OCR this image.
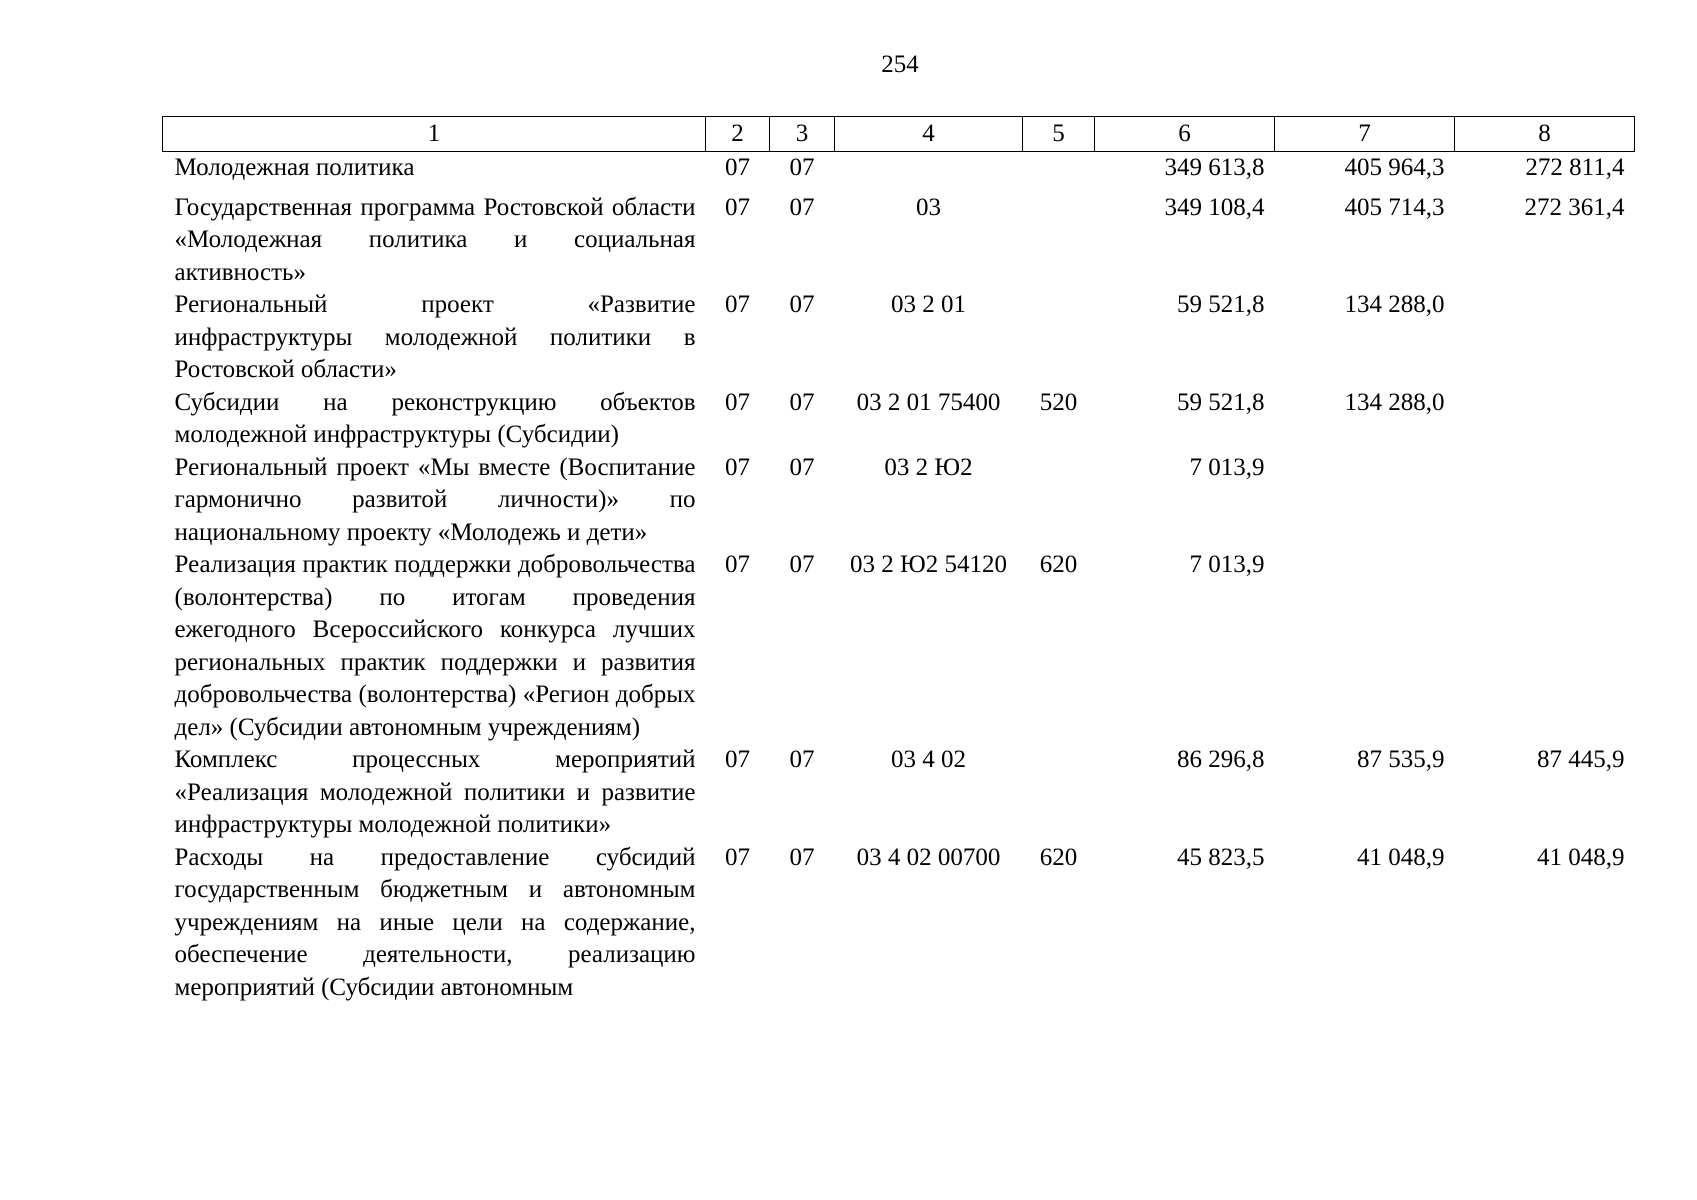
254
1	2	3	4	5	6	7	8
Молодежная политика	07	07			349 613,8	405 964,3	272 811,4
Государственная программа Ростовской области «Молодежная политика и социальная активность»	07	07	03		349 108,4	405 714,3	272 361,4
Региональный проект «Развитие инфраструктуры молодежной политики в Ростовской области»	07	07	03 2 01		59 521,8	134 288,0	
Субсидии на реконструкцию объектов молодежной инфраструктуры (Субсидии)	07	07	03 2 01 75400	520	59 521,8	134 288,0	
Региональный проект «Мы вместе (Воспитание гармонично развитой личности)» по национальному проекту «Молодежь и дети»	07	07	03 2 Ю2		7 013,9		
Реализация практик поддержки добровольчества (волонтерства) по итогам проведения ежегодного Всероссийского конкурса лучших региональных практик поддержки и развития добровольчества (волонтерства) «Регион добрых дел» (Субсидии автономным учреждениям)	07	07	03 2 Ю2 54120	620	7 013,9		
Комплекс процессных мероприятий «Реализация молодежной политики и развитие инфраструктуры молодежной политики»	07	07	03 4 02		86 296,8	87 535,9	87 445,9
Расходы на предоставление субсидий государственным бюджетным и автономным учреждениям на иные цели на содержание, обеспечение деятельности, реализацию мероприятий (Субсидии автономным	07	07	03 4 02 00700	620	45 823,5	41 048,9	41 048,9
